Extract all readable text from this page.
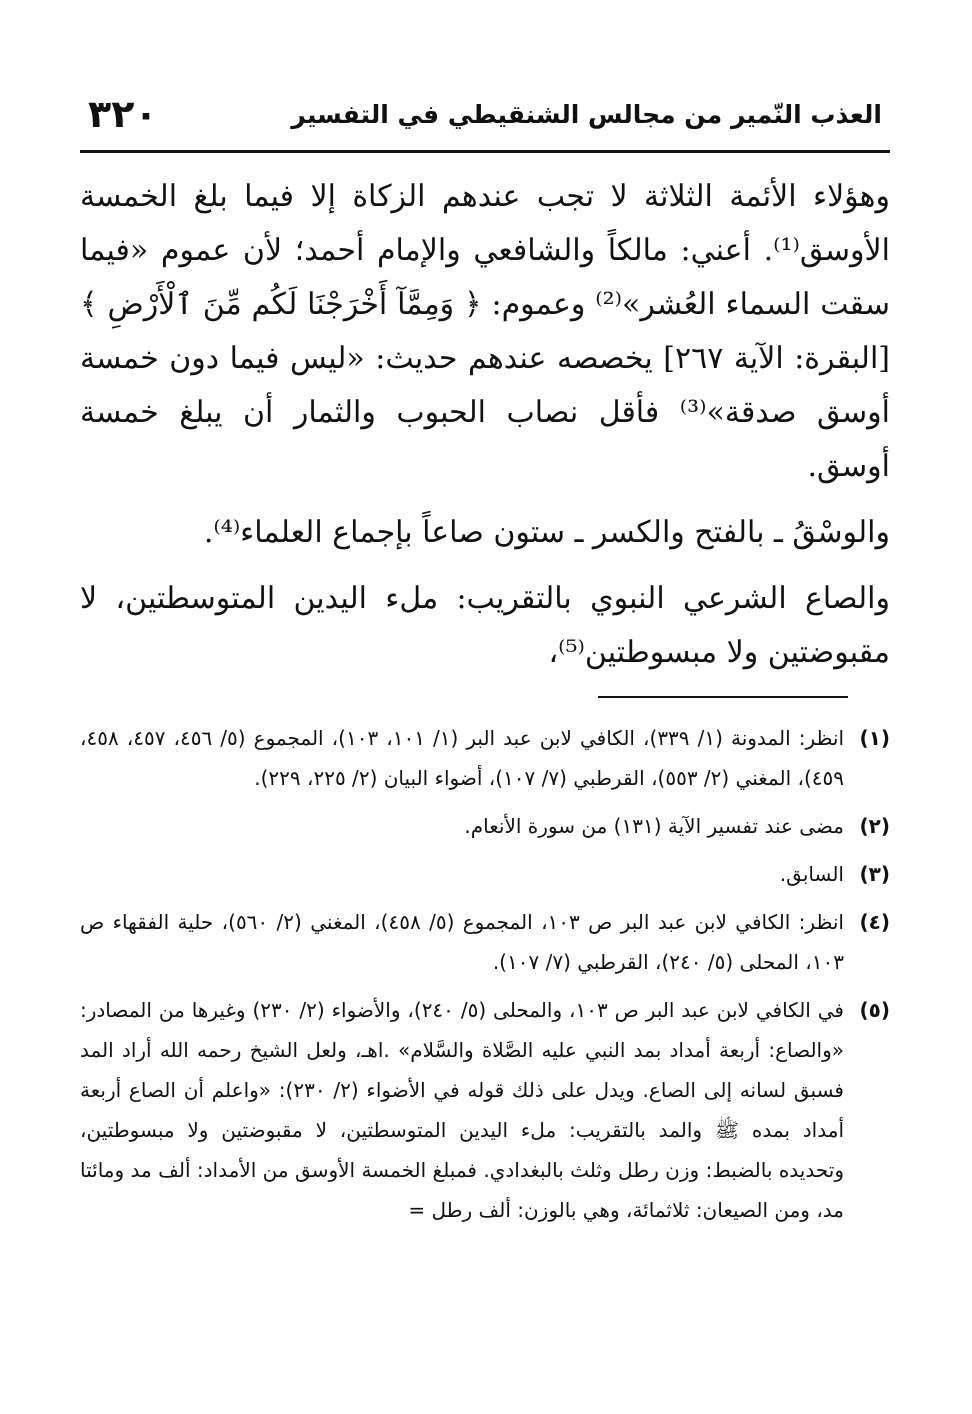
العذب النّمير من مجالس الشنقيطي في التفسير
٣٢٠

وهؤلاء الأئمة الثلاثة لا تجب عندهم الزكاة إلا فيما بلغ الخمسة الأوسق⁽¹⁾. أعني: مالكاً والشافعي والإمام أحمد؛ لأن عموم «فيما سقت السماء العُشر»⁽²⁾ وعموم: ﴿ وَمِمَّآ أَخْرَجْنَا لَكُم مِّنَ ٱلْأَرْضِ ﴾ [البقرة: الآية ٢٦٧] يخصصه عندهم حديث: «ليس فيما دون خمسة أوسق صدقة»⁽³⁾ فأقل نصاب الحبوب والثمار أن يبلغ خمسة أوسق.

والوسْقُ ـ بالفتح والكسر ـ ستون صاعاً بإجماع العلماء⁽⁴⁾.

والصاع الشرعي النبوي بالتقريب: ملء اليدين المتوسطتين، لا مقبوضتين ولا مبسوطتين⁽⁵⁾،

(١)
انظر: المدونة (١/ ٣٣٩)، الكافي لابن عبد البر (١/ ١٠١، ١٠٣)، المجموع (٥/ ٤٥٦، ٤٥٧، ٤٥٨، ٤٥٩)، المغني (٢/ ٥٥٣)، القرطبي (٧/ ١٠٧)، أضواء البيان (٢/ ٢٢٥، ٢٢٩).
(٢)
مضى عند تفسير الآية (١٣١) من سورة الأنعام.
(٣)
السابق.
(٤)
انظر: الكافي لابن عبد البر ص ١٠٣، المجموع (٥/ ٤٥٨)، المغني (٢/ ٥٦٠)، حلية الفقهاء ص ١٠٣، المحلى (٥/ ٢٤٠)، القرطبي (٧/ ١٠٧).
(٥)
في الكافي لابن عبد البر ص ١٠٣، والمحلى (٥/ ٢٤٠)، والأضواء (٢/ ٢٣٠) وغيرها من المصادر: «والصاع: أربعة أمداد بمد النبي عليه الصَّلاة والسَّلام» .اهـ، ولعل الشيخ رحمه الله أراد المد فسبق لسانه إلى الصاع. ويدل على ذلك قوله في الأضواء (٢/ ٢٣٠): «واعلم أن الصاع أربعة أمداد بمده ﷺ والمد بالتقريب: ملء اليدين المتوسطتين، لا مقبوضتين ولا مبسوطتين، وتحديده بالضبط: وزن رطل وثلث بالبغدادي. فمبلغ الخمسة الأوسق من الأمداد: ألف مد ومائتا مد، ومن الصيعان: ثلاثمائة، وهي بالوزن: ألف رطل =
